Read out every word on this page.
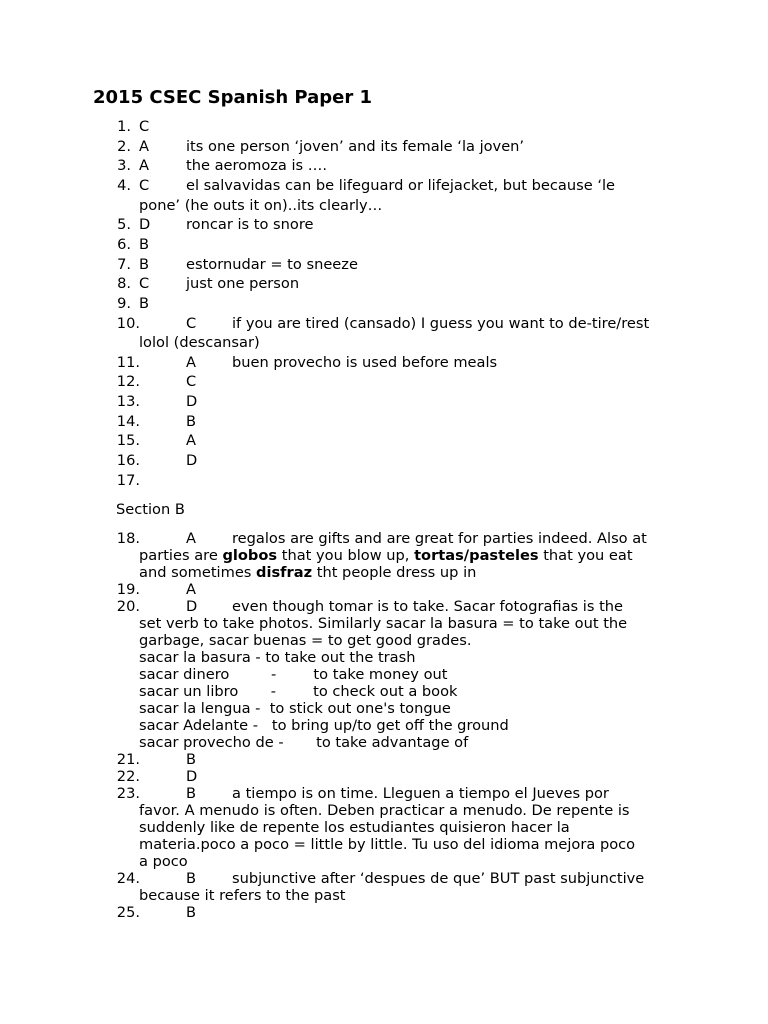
2015 CSEC Spanish Paper 1
1. C
2. A	its one person ‘joven’ and its female ‘la joven’
3. A	the aeromoza is ….
4. C	el salvavidas can be lifeguard or lifejacket, but because ‘le
pone’ (he outs it on)..its clearly…
5. D roncar is to snore
6. B
7. B	estornudar = to sneeze
8. C	just one person
9. B
10.	C if you are tired (cansado) I guess you want to de-tire/rest
lolol (descansar)
11.	A buen provecho is used before meals
12.	C
13.	D
14.	B
15.	A
16.	D
17.
Section B
18.	A regalos are gifts and are great for parties indeed. Also at
parties are globos that you blow up, tortas/pasteles that you eat
and sometimes disfraz tht people dress up in
19.	A
20.	D even though tomar is to take. Sacar fotografias is the
set verb to take photos. Similarly sacar la basura = to take out the
garbage, sacar buenas = to get good grades.
sacar la basura - to take out the trash
sacar dinero         -        to take money out
sacar un libro       -        to check out a book
sacar la lengua -  to stick out one's tongue
sacar Adelante -   to bring up/to get off the ground
sacar provecho de -       to take advantage of
21.	B
22.	D
23.	B a tiempo is on time. Lleguen a tiempo el Jueves por
favor. A menudo is often. Deben practicar a menudo. De repente is
suddenly like de repente los estudiantes quisieron hacer la
materia.poco a poco = little by little. Tu uso del idioma mejora poco
a poco
24.	B subjunctive after ‘despues de que’ BUT past subjunctive
because it refers to the past
25.	B
